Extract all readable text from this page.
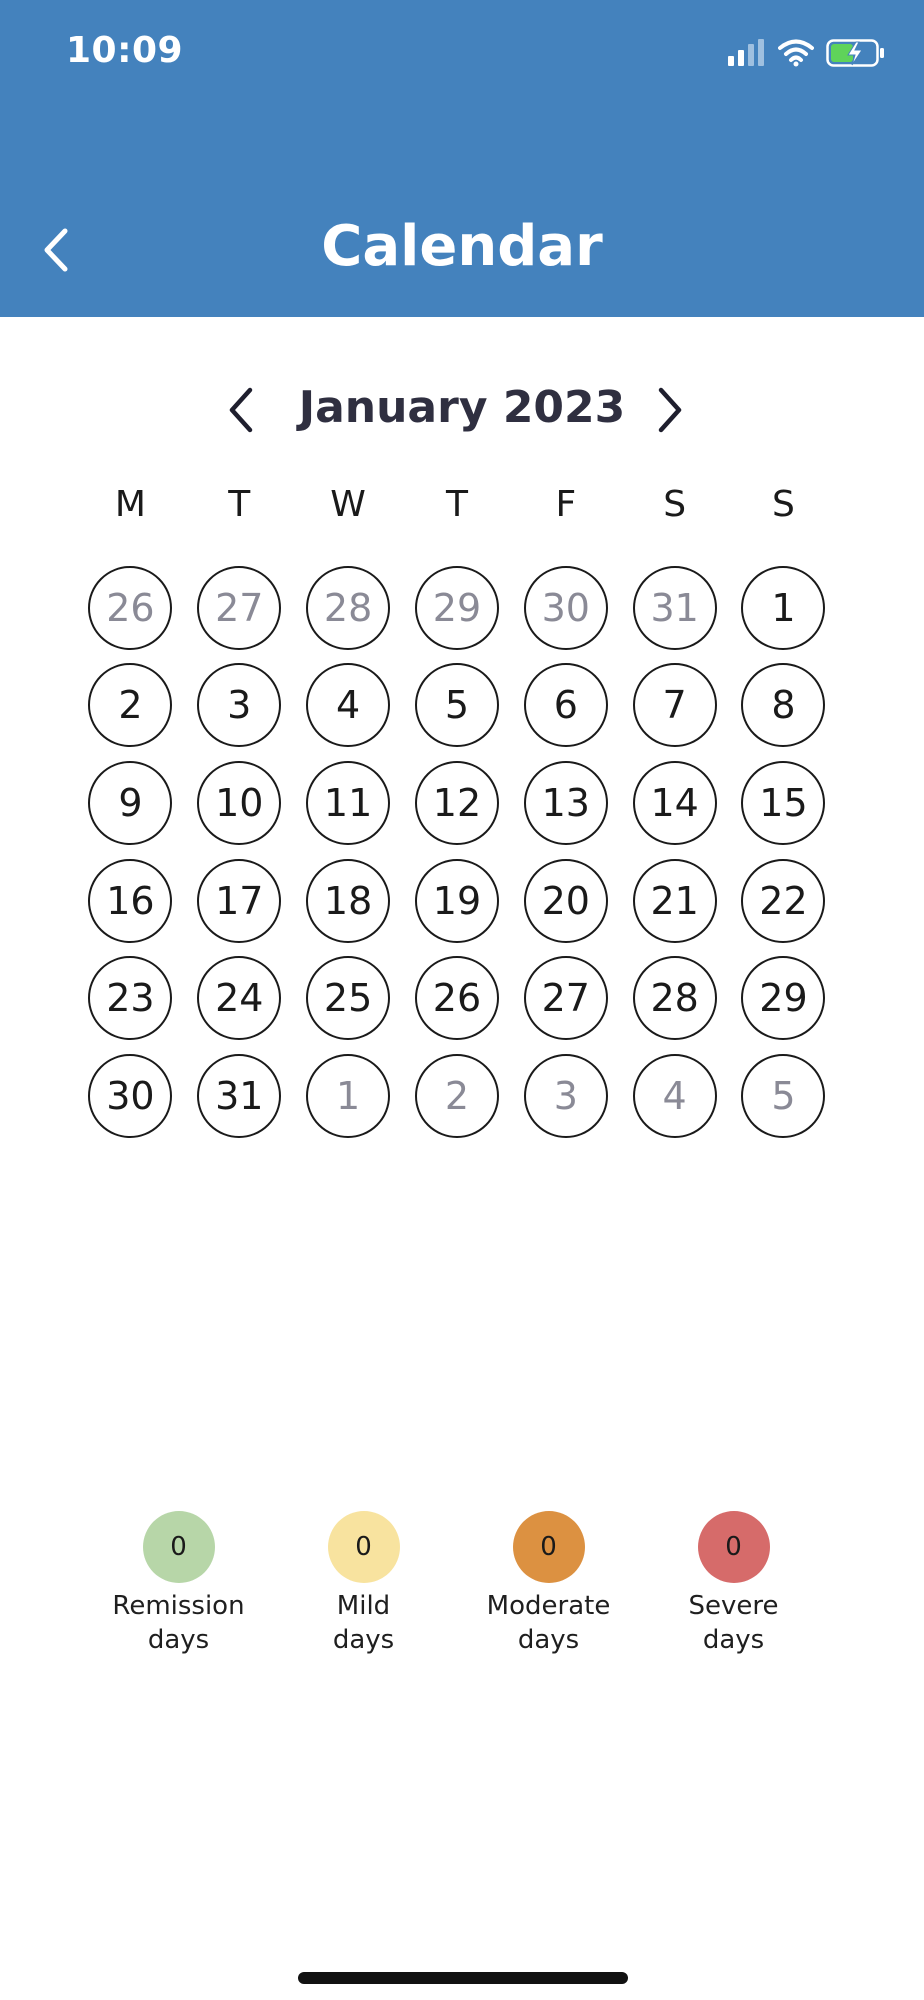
10:09
Calendar
January 2023
M	T	W	T	F	S	S
26	27	28	29	30	31	1
2	3	4	5	6	7	8
9	10	11	12	13	14	15
16	17	18	19	20	21	22
23	24	25	26	27	28	29
30	31	1	2	3	4	5
0
Remission
days
0
Mild
days
0
Moderate
days
0
Severe
days
